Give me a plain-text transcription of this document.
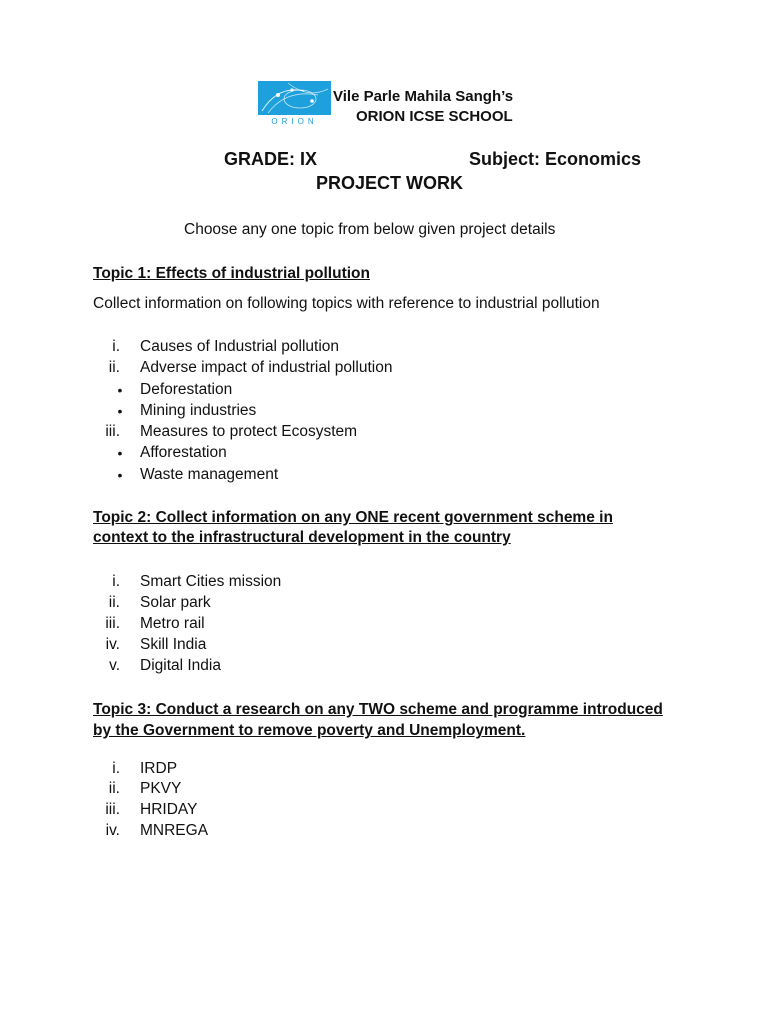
ORION
Vile Parle Mahila Sangh’s
ORION ICSE SCHOOL
GRADE: IX	Subject: Economics
PROJECT WORK
Choose any one topic from below given project details
Topic 1: Effects of industrial pollution
Collect information on following topics with reference to industrial pollution
i. Causes of Industrial pollution
ii. Adverse impact of industrial pollution
•	Deforestation
•	Mining industries
iii. Measures to protect Ecosystem
•	Afforestation
•	Waste management
Topic 2: Collect information on any ONE recent government scheme in
context to the infrastructural development in the country
i. Smart Cities mission
ii. Solar park
iii. Metro rail
iv. Skill India
v. Digital India
Topic 3: Conduct a research on any TWO scheme and programme introduced
by the Government to remove poverty and Unemployment.
i. IRDP
ii. PKVY
iii. HRIDAY
iv. MNREGA
